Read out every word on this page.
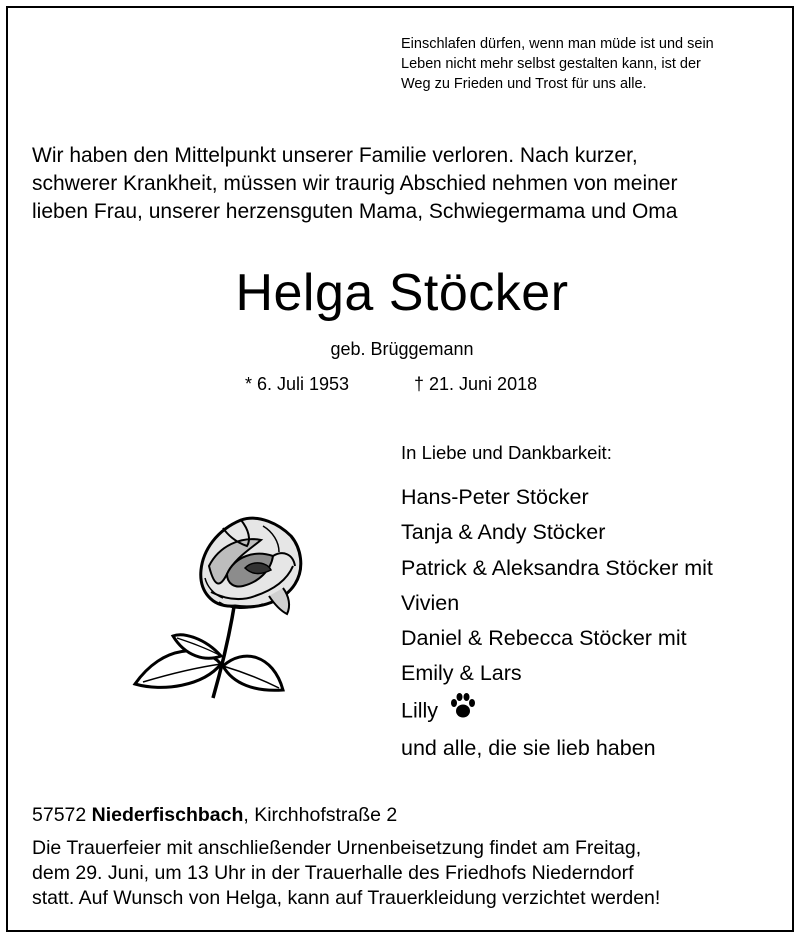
Einschlafen dürfen, wenn man müde ist und sein
Leben nicht mehr selbst gestalten kann, ist der
Weg zu Frieden und Trost für uns alle.
Wir haben den Mittelpunkt unserer Familie verloren. Nach kurzer,
schwerer Krankheit, müssen wir traurig Abschied nehmen von meiner
lieben Frau, unserer herzensguten Mama, Schwiegermama und Oma
Helga Stöcker
geb. Brüggemann
* 6. Juli 1953	† 21. Juni 2018
In Liebe und Dankbarkeit:
Hans-Peter Stöcker
Tanja & Andy Stöcker
Patrick & Aleksandra Stöcker mit
Vivien
Daniel & Rebecca Stöcker mit
Emily & Lars
Lilly
und alle, die sie lieb haben
57572 Niederfischbach, Kirchhofstraße 2
Die Trauerfeier mit anschließender Urnenbeisetzung findet am Freitag,
dem 29. Juni, um 13 Uhr in der Trauerhalle des Friedhofs Niederndorf
statt. Auf Wunsch von Helga, kann auf Trauerkleidung verzichtet werden!
